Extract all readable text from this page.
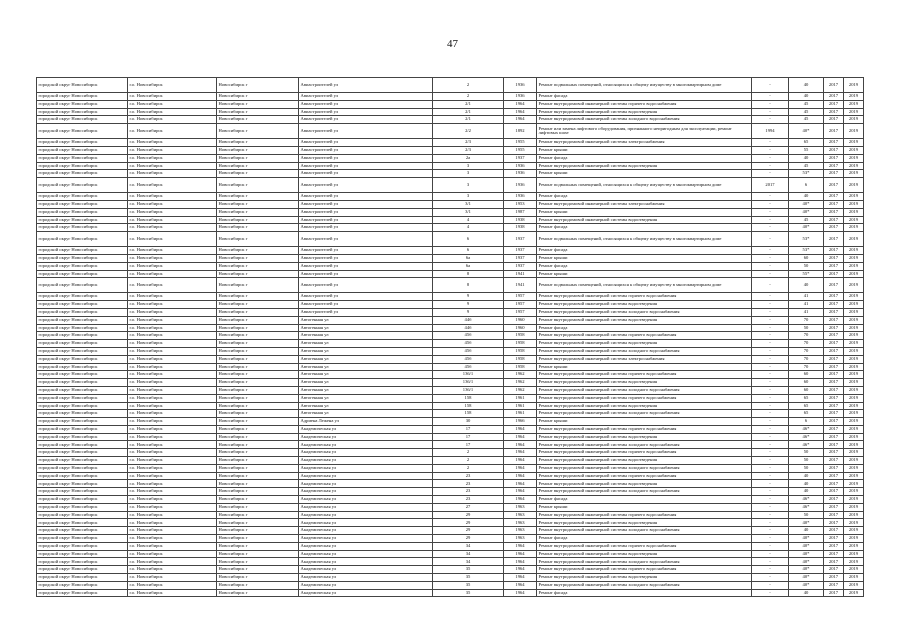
47
городской округ Новосибирск	г.о. Новосибирск	Новосибирск г	Авиастроителей ул	2	1936	Ремонт подвальных помещений, относящихся к общему имуществу в многоквартирном доме	-	40	2017	2019
городской округ Новосибирск	г.о. Новосибирск	Новосибирск г	Авиастроителей ул	2	1936	Ремонт фасада	-	40	2017	2019
городской округ Новосибирск	г.о. Новосибирск	Новосибирск г	Авиастроителей ул	2/1	1964	Ремонт внутридомовой инженерной системы горячего водоснабжения	-	45	2017	2019
городской округ Новосибирск	г.о. Новосибирск	Новосибирск г	Авиастроителей ул	2/1	1964	Ремонт внутридомовой инженерной системы водоотведения	-	45	2017	2019
городской округ Новосибирск	г.о. Новосибирск	Новосибирск г	Авиастроителей ул	2/1	1964	Ремонт внутридомовой инженерной системы холодного водоснабжения	-	45	2017	2019
городской округ Новосибирск	г.о. Новосибирск	Новосибирск г	Авиастроителей ул	2/2	1892	Ремонт или замена лифтового оборудования, признанного непригодным для эксплуатации, ремонт лифтовых шахт	1994	40*	2017	2019
городской округ Новосибирск	г.о. Новосибирск	Новосибирск г	Авиастроителей ул	2/3	1955	Ремонт внутридомовой инженерной системы электроснабжения	-	65	2017	2019
городской округ Новосибирск	г.о. Новосибирск	Новосибирск г	Авиастроителей ул	2/3	1955	Ремонт крыши	-	55	2017	2019
городской округ Новосибирск	г.о. Новосибирск	Новосибирск г	Авиастроителей ул	2а	1937	Ремонт фасада	-	40	2017	2019
городской округ Новосибирск	г.о. Новосибирск	Новосибирск г	Авиастроителей ул	3	1936	Ремонт внутридомовой инженерной системы водоотведения	-	45	2017	2019
городской округ Новосибирск	г.о. Новосибирск	Новосибирск г	Авиастроителей ул	3	1936	Ремонт крыши	-	53*	2017	2019
городской округ Новосибирск	г.о. Новосибирск	Новосибирск г	Авиастроителей ул	3	1936	Ремонт подвальных помещений, относящихся к общему имуществу в многоквартирном доме	2017	6	2017	2019
городской округ Новосибирск	г.о. Новосибирск	Новосибирск г	Авиастроителей ул	3	1936	Ремонт фасада	-	40	2017	2019
городской округ Новосибирск	г.о. Новосибирск	Новосибирск г	Авиастроителей ул	3/1	1953	Ремонт внутридомовой инженерной системы электроснабжения	-	40*	2017	2019
городской округ Новосибирск	г.о. Новосибирск	Новосибирск г	Авиастроителей ул	3/1	1987	Ремонт крыши	-	40*	2017	2019
городской округ Новосибирск	г.о. Новосибирск	Новосибирск г	Авиастроителей ул	4	1938	Ремонт внутридомовой инженерной системы водоотведения	-	45	2017	2019
городской округ Новосибирск	г.о. Новосибирск	Новосибирск г	Авиастроителей ул	4	1938	Ремонт фасада	-	40*	2017	2019
городской округ Новосибирск	г.о. Новосибирск	Новосибирск г	Авиастроителей ул	6	1937	Ремонт подвальных помещений, относящихся к общему имуществу в многоквартирном доме	-	53*	2017	2019
городской округ Новосибирск	г.о. Новосибирск	Новосибирск г	Авиастроителей ул	6	1937	Ремонт фасада	-	53*	2017	2019
городской округ Новосибирск	г.о. Новосибирск	Новосибирск г	Авиастроителей ул	6а	1937	Ремонт крыши	-	60	2017	2019
городской округ Новосибирск	г.о. Новосибирск	Новосибирск г	Авиастроителей ул	6а	1937	Ремонт фасада	-	50	2017	2019
городской округ Новосибирск	г.о. Новосибирск	Новосибирск г	Авиастроителей ул	8	1941	Ремонт крыши	-	55*	2017	2019
городской округ Новосибирск	г.о. Новосибирск	Новосибирск г	Авиастроителей ул	8	1941	Ремонт подвальных помещений, относящихся к общему имуществу в многоквартирном доме	-	40	2017	2019
городской округ Новосибирск	г.о. Новосибирск	Новосибирск г	Авиастроителей ул	9	1957	Ремонт внутридомовой инженерной системы горячего водоснабжения	-	41	2017	2019
городской округ Новосибирск	г.о. Новосибирск	Новосибирск г	Авиастроителей ул	9	1957	Ремонт внутридомовой инженерной системы водоотведения	-	41	2017	2019
городской округ Новосибирск	г.о. Новосибирск	Новосибирск г	Авиастроителей ул	9	1957	Ремонт внутридомовой инженерной системы холодного водоснабжения	-	41	2017	2019
городской округ Новосибирск	г.о. Новосибирск	Новосибирск г	Автогенная ул	44б	1960	Ремонт внутридомовой инженерной системы водоотведения	-	70	2017	2019
городской округ Новосибирск	г.о. Новосибирск	Новосибирск г	Автогенная ул	44б	1960	Ремонт фасада	-	50	2017	2019
городской округ Новосибирск	г.о. Новосибирск	Новосибирск г	Автогенная ул	45б	1958	Ремонт внутридомовой инженерной системы горячего водоснабжения	-	70	2017	2019
городской округ Новосибирск	г.о. Новосибирск	Новосибирск г	Автогенная ул	45б	1958	Ремонт внутридомовой инженерной системы водоотведения	-	70	2017	2019
городской округ Новосибирск	г.о. Новосибирск	Новосибирск г	Автогенная ул	45б	1958	Ремонт внутридомовой инженерной системы холодного водоснабжения	-	70	2017	2019
городской округ Новосибирск	г.о. Новосибирск	Новосибирск г	Автогенная ул	45б	1958	Ремонт внутридомовой инженерной системы электроснабжения	-	70	2017	2019
городской округ Новосибирск	г.о. Новосибирск	Новосибирск г	Автогенная ул	45б	1958	Ремонт крыши	-	70	2017	2019
городской округ Новосибирск	г.о. Новосибирск	Новосибирск г	Автогенная ул	136/1	1962	Ремонт внутридомовой инженерной системы горячего водоснабжения	-	60	2017	2019
городской округ Новосибирск	г.о. Новосибирск	Новосибирск г	Автогенная ул	136/1	1962	Ремонт внутридомовой инженерной системы водоотведения	-	60	2017	2019
городской округ Новосибирск	г.о. Новосибирск	Новосибирск г	Автогенная ул	136/1	1962	Ремонт внутридомовой инженерной системы холодного водоснабжения	-	60	2017	2019
городской округ Новосибирск	г.о. Новосибирск	Новосибирск г	Автогенная ул	158	1961	Ремонт внутридомовой инженерной системы горячего водоснабжения	-	65	2017	2019
городской округ Новосибирск	г.о. Новосибирск	Новосибирск г	Автогенная ул	158	1961	Ремонт внутридомовой инженерной системы водоотведения	-	65	2017	2019
городской округ Новосибирск	г.о. Новосибирск	Новосибирск г	Автогенная ул	158	1961	Ремонт внутридомовой инженерной системы холодного водоснабжения	-	65	2017	2019
городской округ Новосибирск	г.о. Новосибирск	Новосибирск г	Адриена Лежена ул	30	1966	Ремонт крыши	-	6	2017	2019
городской округ Новосибирск	г.о. Новосибирск	Новосибирск г	Академическая ул	17	1964	Ремонт внутридомовой инженерной системы горячего водоснабжения	-	46*	2017	2019
городской округ Новосибирск	г.о. Новосибирск	Новосибирск г	Академическая ул	17	1964	Ремонт внутридомовой инженерной системы водоотведения	-	46*	2017	2019
городской округ Новосибирск	г.о. Новосибирск	Новосибирск г	Академическая ул	17	1964	Ремонт внутридомовой инженерной системы холодного водоснабжения	-	46*	2017	2019
городской округ Новосибирск	г.о. Новосибирск	Новосибирск г	Академическая ул	2	1964	Ремонт внутридомовой инженерной системы горячего водоснабжения	-	50	2017	2019
городской округ Новосибирск	г.о. Новосибирск	Новосибирск г	Академическая ул	2	1964	Ремонт внутридомовой инженерной системы водоотведения	-	50	2017	2019
городской округ Новосибирск	г.о. Новосибирск	Новосибирск г	Академическая ул	2	1964	Ремонт внутридомовой инженерной системы холодного водоснабжения	-	50	2017	2019
городской округ Новосибирск	г.о. Новосибирск	Новосибирск г	Академическая ул	23	1964	Ремонт внутридомовой инженерной системы горячего водоснабжения	-	40	2017	2019
городской округ Новосибирск	г.о. Новосибирск	Новосибирск г	Академическая ул	23	1964	Ремонт внутридомовой инженерной системы водоотведения	-	40	2017	2019
городской округ Новосибирск	г.о. Новосибирск	Новосибирск г	Академическая ул	23	1964	Ремонт внутридомовой инженерной системы холодного водоснабжения	-	40	2017	2019
городской округ Новосибирск	г.о. Новосибирск	Новосибирск г	Академическая ул	23	1964	Ремонт фасада	-	46*	2017	2019
городской округ Новосибирск	г.о. Новосибирск	Новосибирск г	Академическая ул	27	1963	Ремонт крыши	-	46*	2017	2019
городской округ Новосибирск	г.о. Новосибирск	Новосибирск г	Академическая ул	29	1963	Ремонт внутридомовой инженерной системы горячего водоснабжения	-	50	2017	2019
городской округ Новосибирск	г.о. Новосибирск	Новосибирск г	Академическая ул	29	1963	Ремонт внутридомовой инженерной системы водоотведения	-	40*	2017	2019
городской округ Новосибирск	г.о. Новосибирск	Новосибирск г	Академическая ул	29	1963	Ремонт внутридомовой инженерной системы холодного водоснабжения	-	40	2017	2019
городской округ Новосибирск	г.о. Новосибирск	Новосибирск г	Академическая ул	29	1963	Ремонт фасада	-	40*	2017	2019
городской округ Новосибирск	г.о. Новосибирск	Новосибирск г	Академическая ул	34	1964	Ремонт внутридомовой инженерной системы горячего водоснабжения	-	40*	2017	2019
городской округ Новосибирск	г.о. Новосибирск	Новосибирск г	Академическая ул	34	1964	Ремонт внутридомовой инженерной системы водоотведения	-	40*	2017	2019
городской округ Новосибирск	г.о. Новосибирск	Новосибирск г	Академическая ул	34	1964	Ремонт внутридомовой инженерной системы холодного водоснабжения	-	40*	2017	2019
городской округ Новосибирск	г.о. Новосибирск	Новосибирск г	Академическая ул	35	1964	Ремонт внутридомовой инженерной системы горячего водоснабжения	-	40*	2017	2019
городской округ Новосибирск	г.о. Новосибирск	Новосибирск г	Академическая ул	35	1964	Ремонт внутридомовой инженерной системы водоотведения	-	40*	2017	2019
городской округ Новосибирск	г.о. Новосибирск	Новосибирск г	Академическая ул	35	1964	Ремонт внутридомовой инженерной системы холодного водоснабжения	-	40*	2017	2019
городской округ Новосибирск	г.о. Новосибирск	Новосибирск г	Академическая ул	35	1964	Ремонт фасада	-	40	2017	2019
